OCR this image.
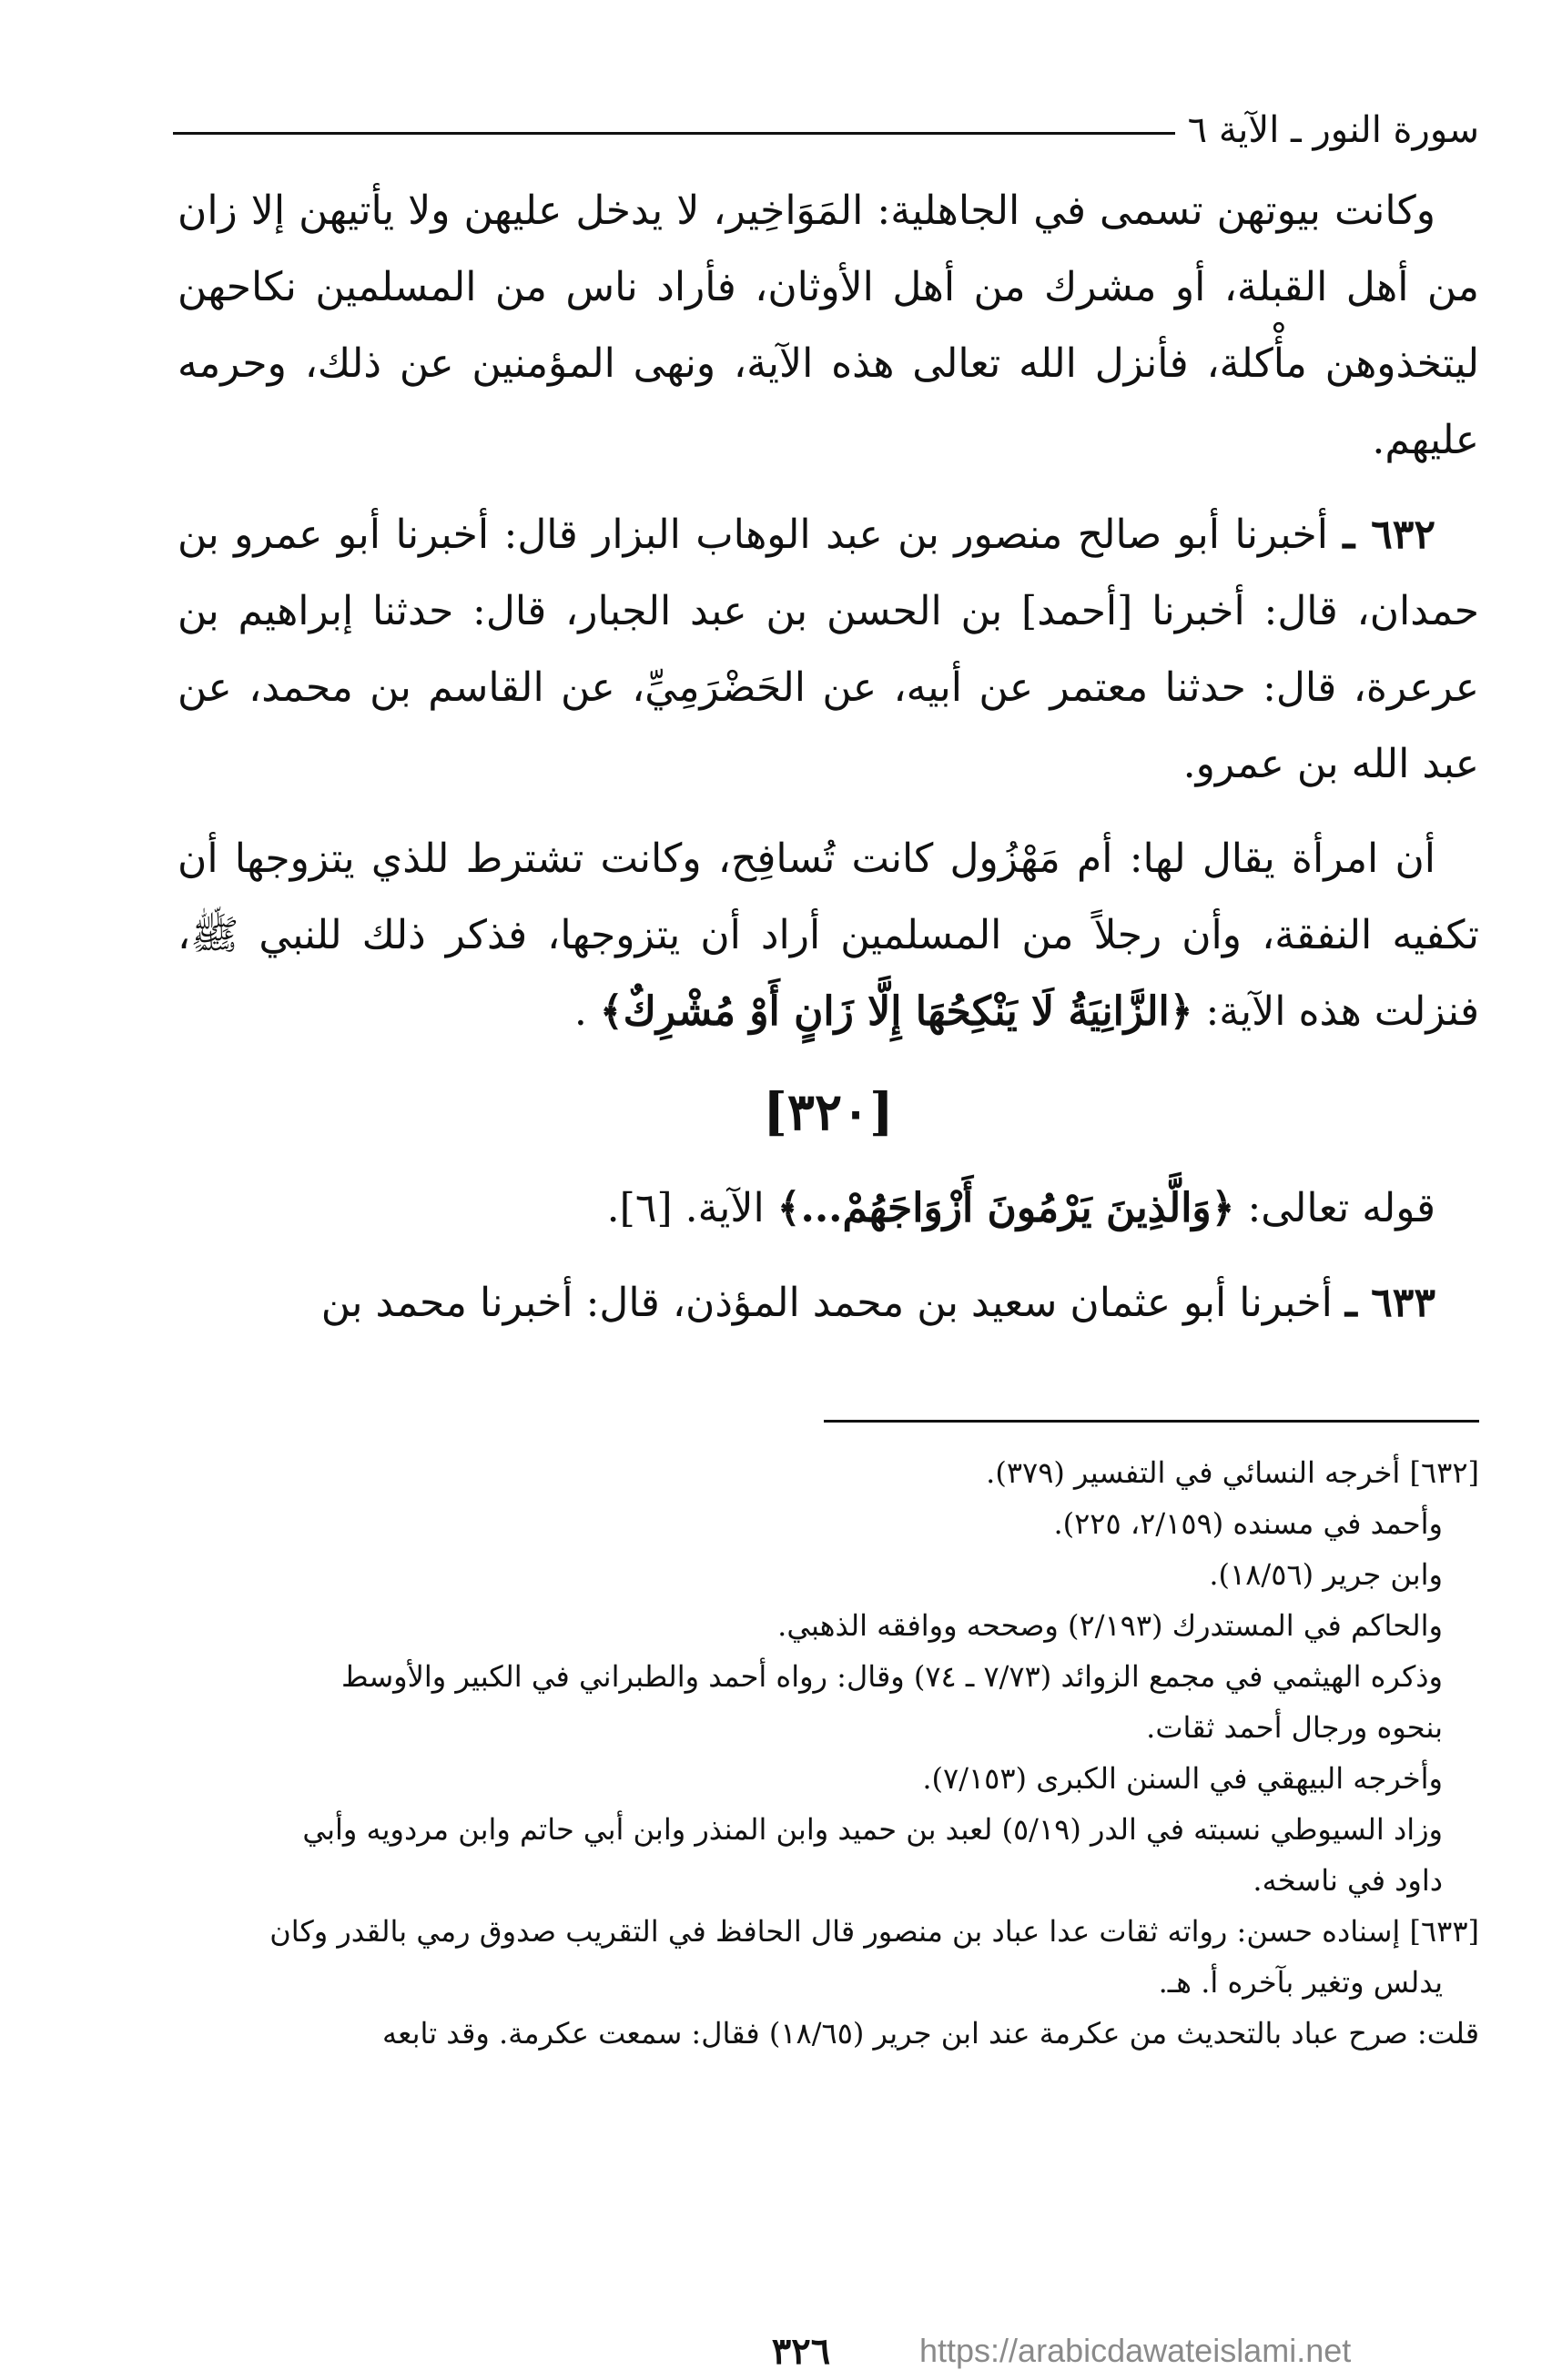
سورة النور ـ الآية ٦

وكانت بيوتهن تسمى في الجاهلية: المَوَاخِير، لا يدخل عليهن ولا يأتيهن إلا زان من أهل القبلة، أو مشرك من أهل الأوثان، فأراد ناس من المسلمين نكاحهن ليتخذوهن مأْكلة، فأنزل الله تعالى هذه الآية، ونهى المؤمنين عن ذلك، وحرمه عليهم.

٦٣٢ ـ أخبرنا أبو صالح منصور بن عبد الوهاب البزار قال: أخبرنا أبو عمرو بن حمدان، قال: أخبرنا [أحمد] بن الحسن بن عبد الجبار، قال: حدثنا إبراهيم بن عرعرة، قال: حدثنا معتمر عن أبيه، عن الحَضْرَمِيِّ، عن القاسم بن محمد، عن عبد الله بن عمرو.

أن امرأة يقال لها: أم مَهْزُول كانت تُسافِح، وكانت تشترط للذي يتزوجها أن تكفيه النفقة، وأن رجلاً من المسلمين أراد أن يتزوجها، فذكر ذلك للنبي ﷺ، فنزلت هذه الآية: ﴿الزَّانِيَةُ لَا يَنْكِحُهَا إِلَّا زَانٍ أَوْ مُشْرِكٌ﴾ .

[٣٢٠]

قوله تعالى: ﴿وَالَّذِينَ يَرْمُونَ أَزْوَاجَهُمْ...﴾ الآية. [٦].

٦٣٣ ـ أخبرنا أبو عثمان سعيد بن محمد المؤذن، قال: أخبرنا محمد بن

[٦٣٢] أخرجه النسائي في التفسير (٣٧٩).

وأحمد في مسنده (٢/١٥٩، ٢٢٥).

وابن جرير (١٨/٥٦).

والحاكم في المستدرك (٢/١٩٣) وصححه ووافقه الذهبي.

وذكره الهيثمي في مجمع الزوائد (٧/٧٣ ـ ٧٤) وقال: رواه أحمد والطبراني في الكبير والأوسط

بنحوه ورجال أحمد ثقات.

وأخرجه البيهقي في السنن الكبرى (٧/١٥٣).

وزاد السيوطي نسبته في الدر (٥/١٩) لعبد بن حميد وابن المنذر وابن أبي حاتم وابن مردويه وأبي

داود في ناسخه.

[٦٣٣] إسناده حسن: رواته ثقات عدا عباد بن منصور قال الحافظ في التقريب صدوق رمي بالقدر وكان

يدلس وتغير بآخره أ. هـ.

قلت: صرح عباد بالتحديث من عكرمة عند ابن جرير (١٨/٦٥) فقال: سمعت عكرمة. وقد تابعه

٣٢٦	https://arabicdawateislami.net
